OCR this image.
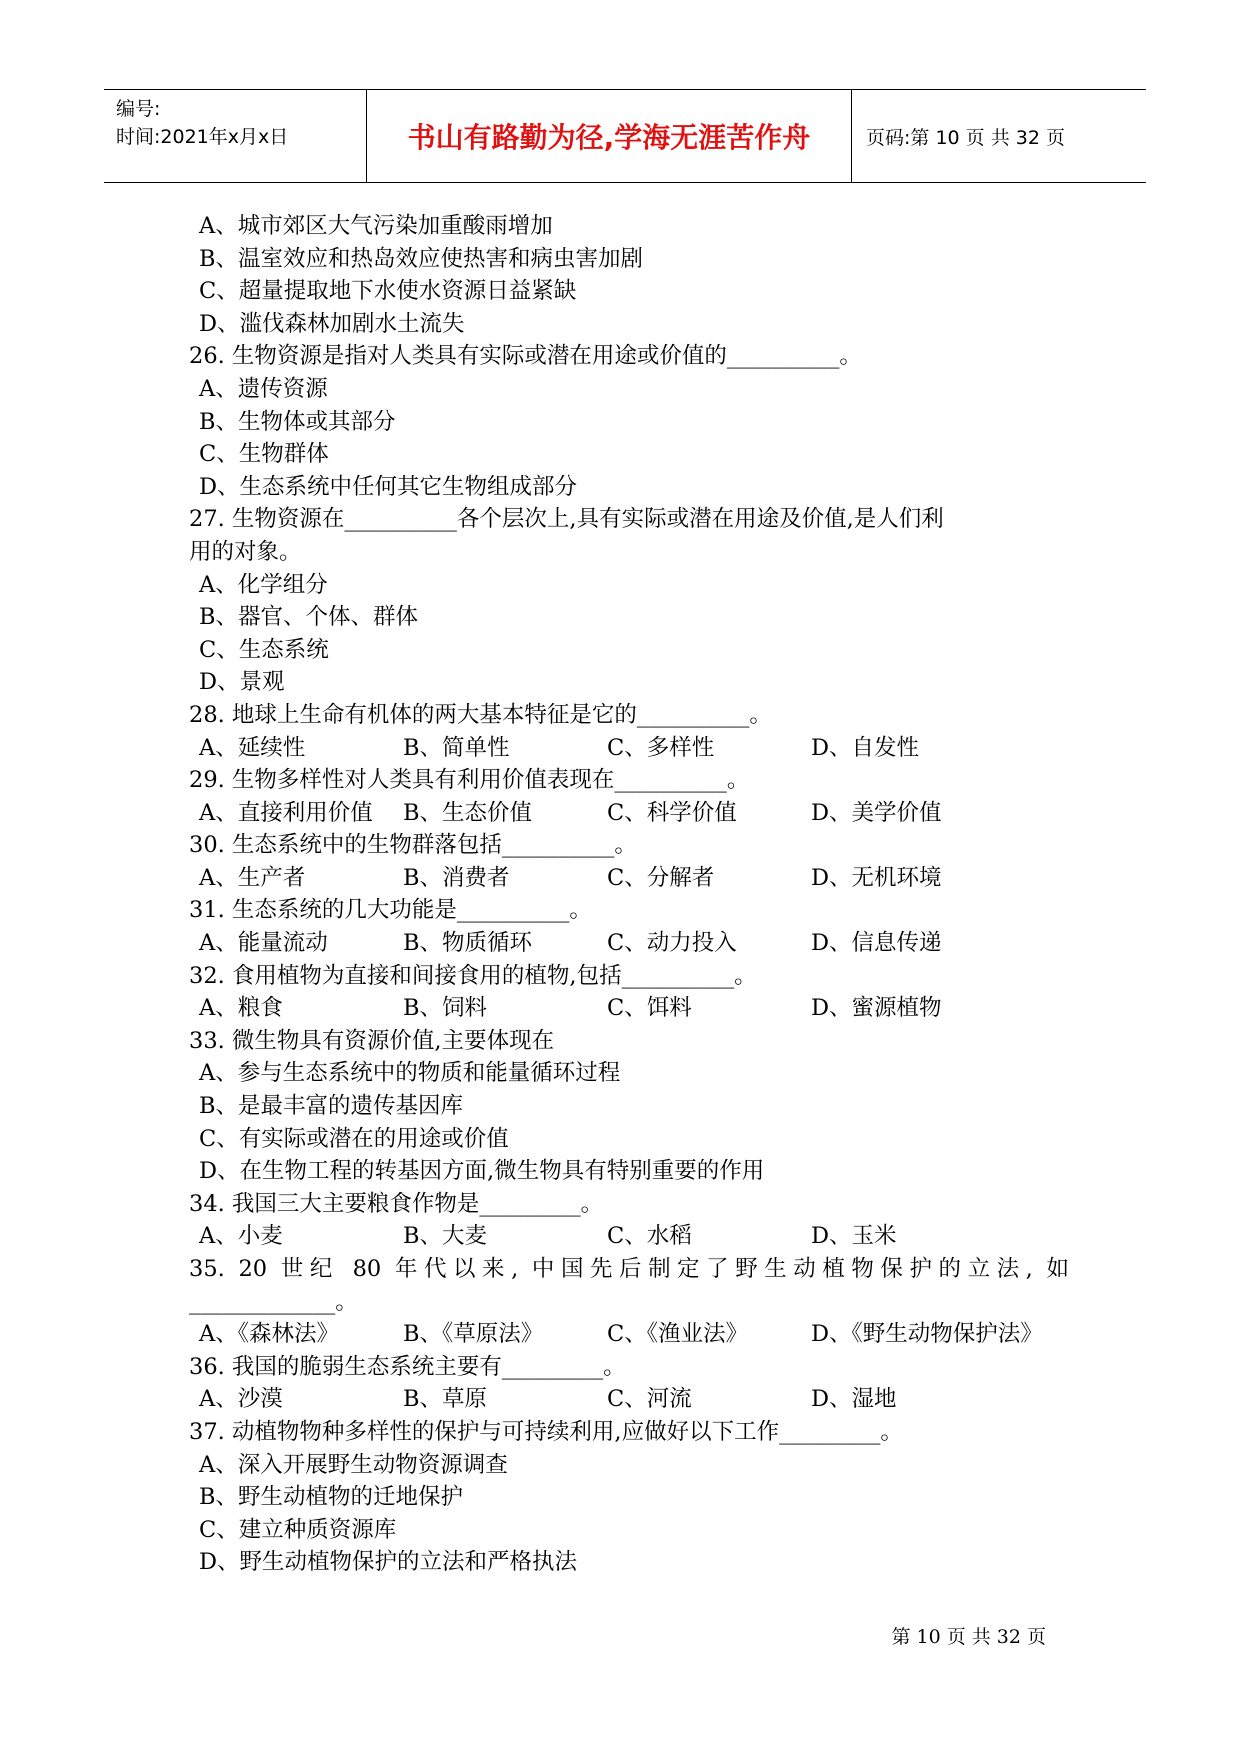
编号:
时间:2021年x月x日	书山有路勤为径,学海无涯苦作舟	页码:第 10 页 共 32 页
A、城市郊区大气污染加重酸雨增加
B、温室效应和热岛效应使热害和病虫害加剧
C、超量提取地下水使水资源日益紧缺
D、滥伐森林加剧水土流失
26. 生物资源是指对人类具有实际或潜在用途或价值的__________。
A、遗传资源
B、生物体或其部分
C、生物群体
D、生态系统中任何其它生物组成部分
27. 生物资源在__________各个层次上,具有实际或潜在用途及价值,是人们利
用的对象。
A、化学组分
B、器官、个体、群体
C、生态系统
D、景观
28. 地球上生命有机体的两大基本特征是它的__________。
A、延续性	B、简单性	C、多样性	D、自发性
29. 生物多样性对人类具有利用价值表现在__________。
A、直接利用价值 B、生态价值	C、科学价值	D、美学价值
30. 生态系统中的生物群落包括__________。
A、生产者	B、消费者	C、分解者	D、无机环境
31. 生态系统的几大功能是__________。
A、能量流动	B、物质循环	C、动力投入	D、信息传递
32. 食用植物为直接和间接食用的植物,包括__________。
A、粮食	B、饲料	C、饵料	D、蜜源植物
33. 微生物具有资源价值,主要体现在
A、参与生态系统中的物质和能量循环过程
B、是最丰富的遗传基因库
C、有实际或潜在的用途或价值
D、在生物工程的转基因方面,微生物具有特别重要的作用
34. 我国三大主要粮食作物是_________。
A、小麦	B、大麦	C、水稻	D、玉米
35. 20 世纪 80 年代以来, 中国先后制定了野生动植物保护的立法, 如
_____________。
A、《森林法》	B、《草原法》	C、《渔业法》	D、《野生动物保护法》
36. 我国的脆弱生态系统主要有_________。
A、沙漠	B、草原	C、河流	D、湿地
37. 动植物物种多样性的保护与可持续利用,应做好以下工作_________。
A、深入开展野生动物资源调查
B、野生动植物的迁地保护
C、建立种质资源库
D、野生动植物保护的立法和严格执法
第 10 页 共 32 页
